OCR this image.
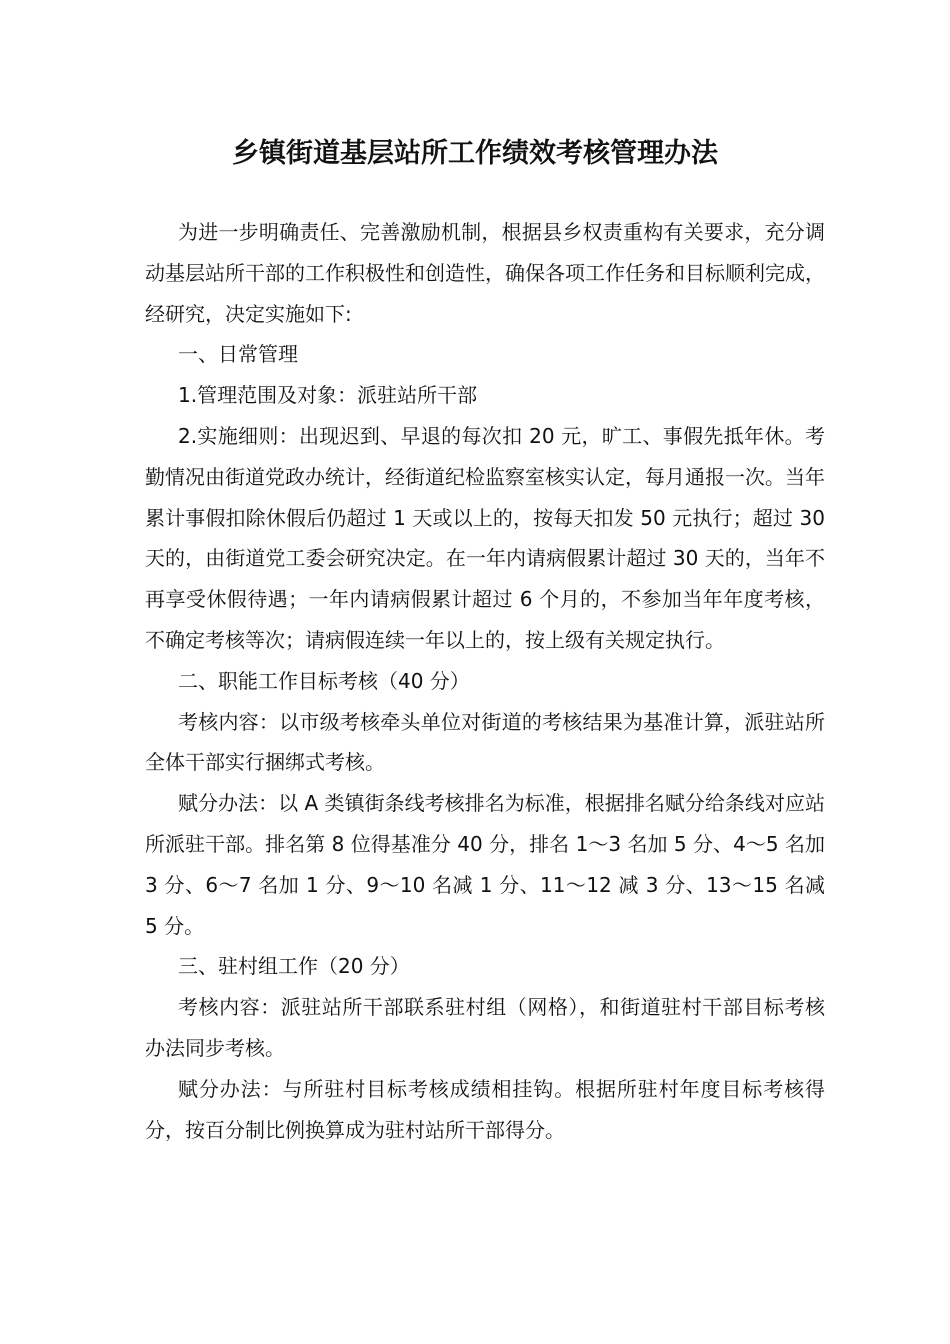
乡镇街道基层站所工作绩效考核管理办法

为进一步明确责任、完善激励机制，根据县乡权责重构有关要求，充分调动基层站所干部的工作积极性和创造性，确保各项工作任务和目标顺利完成，经研究，决定实施如下:

一、日常管理

1.管理范围及对象：派驻站所干部

2.实施细则：出现迟到、早退的每次扣 20 元，旷工、事假先抵年休。考勤情况由街道党政办统计，经街道纪检监察室核实认定，每月通报一次。当年累计事假扣除休假后仍超过 1 天或以上的，按每天扣发 50 元执行；超过 30 天的，由街道党工委会研究决定。在一年内请病假累计超过 30 天的，当年不再享受休假待遇；一年内请病假累计超过 6 个月的，不参加当年年度考核，不确定考核等次；请病假连续一年以上的，按上级有关规定执行。

二、职能工作目标考核（40 分）

考核内容：以市级考核牵头单位对街道的考核结果为基准计算，派驻站所全体干部实行捆绑式考核。

赋分办法：以 A 类镇街条线考核排名为标准，根据排名赋分给条线对应站所派驻干部。排名第 8 位得基准分 40 分，排名 1～3 名加 5 分、4～5 名加 3 分、6～7 名加 1 分、9～10 名减 1 分、11～12 减 3 分、13～15 名减 5 分。

三、驻村组工作（20 分）

考核内容：派驻站所干部联系驻村组（网格），和街道驻村干部目标考核办法同步考核。

赋分办法：与所驻村目标考核成绩相挂钩。根据所驻村年度目标考核得分，按百分制比例换算成为驻村站所干部得分。
